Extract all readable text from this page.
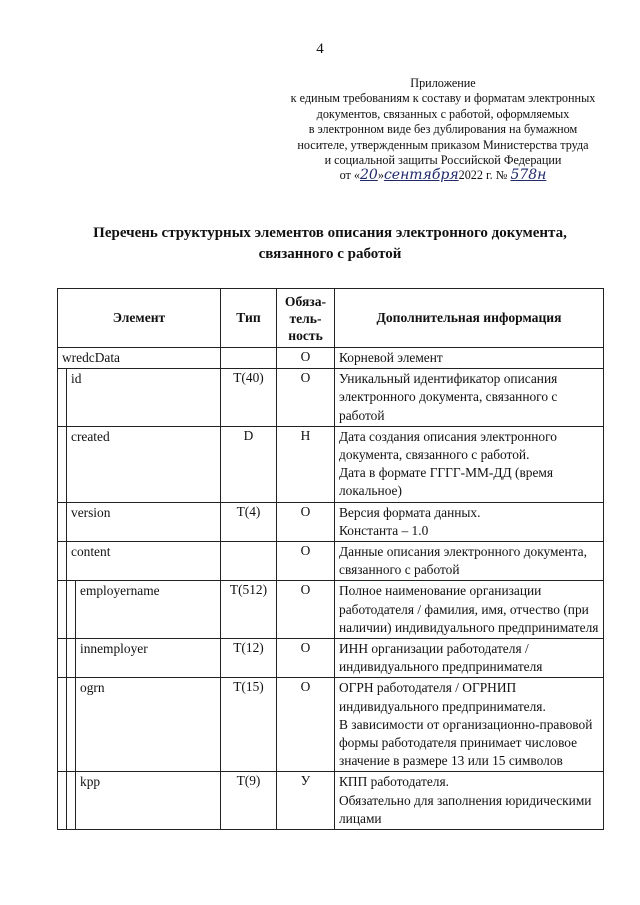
4
Приложение
к единым требованиям к составу и форматам электронных
документов, связанных с работой, оформляемых
в электронном виде без дублирования на бумажном
носителе, утвержденным приказом Министерства труда
и социальной защиты Российской Федерации
от «20»сентября2022 г. № 578н
Перечень структурных элементов описания электронного документа,
связанного с работой
Элемент	Тип	Обяза-
тель-
ность	Дополнительная информация

wredcData		О	Корневой элемент

id	T(40)	О	Уникальный идентификатор описания электронного документа, связанного с работой

created	D	Н	Дата создания описания электронного документа, связанного с работой.
Дата в формате ГГГГ-ММ-ДД (время локальное)

version	T(4)	О	Версия формата данных.
Константа – 1.0

content		О	Данные описания электронного документа, связанного с работой

employername	T(512)	О	Полное наименование организации работодателя / фамилия, имя, отчество (при наличии) индивидуального предпринимателя

innemployer	T(12)	О	ИНН организации работодателя / индивидуального предпринимателя

ogrn	T(15)	О	ОГРН работодателя / ОГРНИП индивидуального предпринимателя.
В зависимости от организационно-правовой формы работодателя принимает числовое значение в размере 13 или 15 символов

kpp	T(9)	У	КПП работодателя.
Обязательно для заполнения юридическими лицами
